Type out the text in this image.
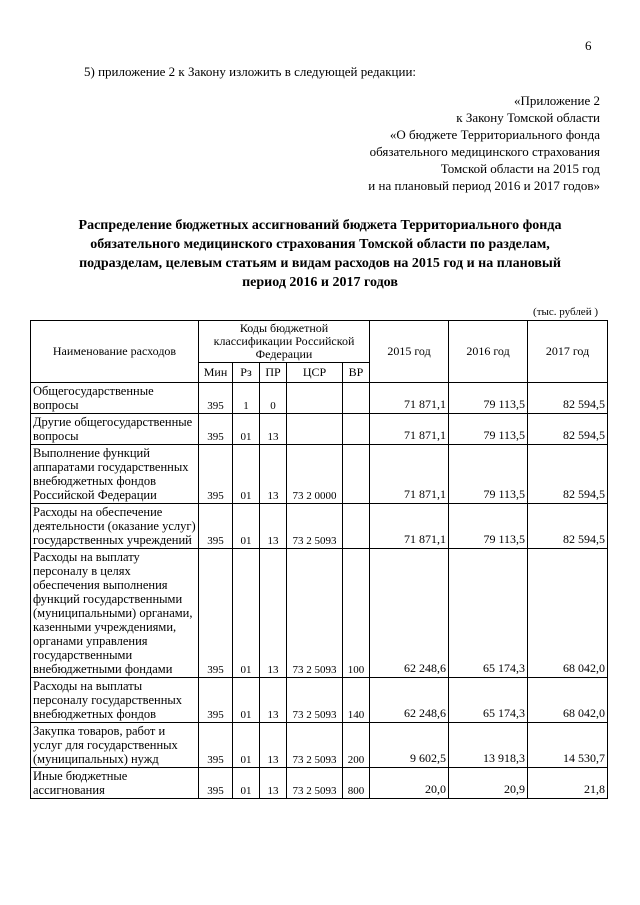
6
5) приложение 2 к Закону изложить в следующей редакции:
«Приложение 2
к Закону Томской области
«О бюджете Территориального фонда
обязательного медицинского страхования
Томской области на 2015 год
и на плановый период 2016 и 2017 годов»
Распределение бюджетных ассигнований бюджета Территориального фонда
обязательного медицинского страхования Томской области по разделам,
подразделам, целевым статьям и видам расходов на 2015 год и на плановый
период 2016 и 2017 годов
(тыс. рублей )
Наименование расходов	Коды бюджетной классификации Российской Федерации					2015 год	2016 год	2017 год
	Мин	Рз	ПР	ЦСР	ВР			
Общегосударственные вопросы	395	1	0			71 871,1	79 113,5	82 594,5
Другие общегосударственные вопросы	395	01	13			71 871,1	79 113,5	82 594,5
Выполнение функций аппаратами государственных внебюджетных фондов Российской Федерации	395	01	13	73 2 0000		71 871,1	79 113,5	82 594,5
Расходы на обеспечение деятельности (оказание услуг) государственных учреждений	395	01	13	73 2 5093		71 871,1	79 113,5	82 594,5
Расходы на выплату персоналу в целях обеспечения выполнения функций государственными (муниципальными) органами, казенными учреждениями, органами управления государственными внебюджетными фондами	395	01	13	73 2 5093	100	62 248,6	65 174,3	68 042,0
Расходы на выплаты персоналу государственных внебюджетных фондов	395	01	13	73 2 5093	140	62 248,6	65 174,3	68 042,0
Закупка товаров, работ и услуг для государственных (муниципальных) нужд	395	01	13	73 2 5093	200	9 602,5	13 918,3	14 530,7
Иные бюджетные ассигнования	395	01	13	73 2 5093	800	20,0	20,9	21,8
